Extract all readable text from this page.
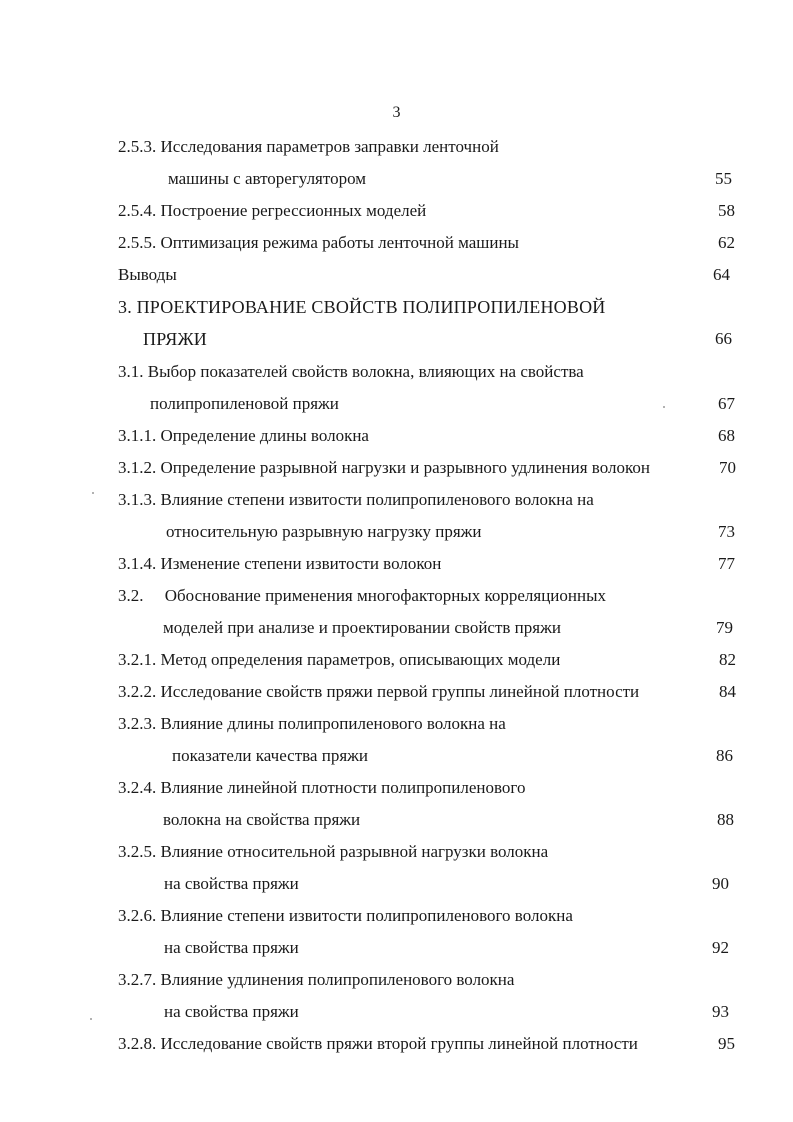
3
2.5.3. Исследования параметров заправки ленточной
машины с авторегулятором	55
2.5.4. Построение регрессионных моделей	58
2.5.5. Оптимизация режима работы ленточной машины	62
Выводы	64
3. ПРОЕКТИРОВАНИЕ СВОЙСТВ ПОЛИПРОПИЛЕНОВОЙ
ПРЯЖИ	66
3.1. Выбор показателей свойств волокна, влияющих на свойства
полипропиленовой пряжи	67
3.1.1. Определение длины волокна	68
3.1.2. Определение разрывной нагрузки и разрывного удлинения волокон	70
3.1.3. Влияние степени извитости полипропиленового волокна на
относительную разрывную нагрузку пряжи	73
3.1.4. Изменение степени извитости волокон	77
3.2.     Обоснование применения многофакторных корреляционных
моделей при анализе и проектировании свойств пряжи	79
3.2.1. Метод определения параметров, описывающих модели	82
3.2.2. Исследование свойств пряжи первой группы линейной плотности	84
3.2.3. Влияние длины полипропиленового волокна на
показатели качества пряжи	86
3.2.4. Влияние линейной плотности полипропиленового
волокна на свойства пряжи	88
3.2.5. Влияние относительной разрывной нагрузки волокна
на свойства пряжи	90
3.2.6. Влияние степени извитости полипропиленового волокна
на свойства пряжи	92
3.2.7. Влияние удлинения полипропиленового волокна
на свойства пряжи	93
3.2.8. Исследование свойств пряжи второй группы линейной плотности	95
